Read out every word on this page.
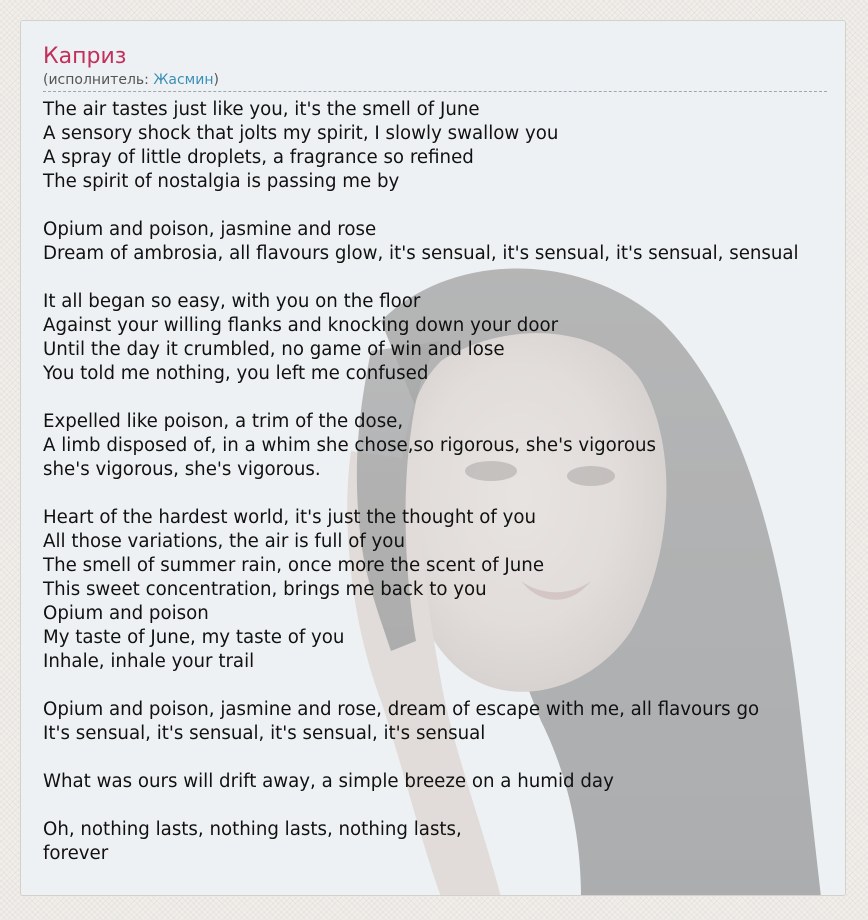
Каприз
(исполнитель: Жасмин)
The air tastes just like you, it's the smell of June
A sensory shock that jolts my spirit, I slowly swallow you
A spray of little droplets, a fragrance so refined
The spirit of nostalgia is passing me by
Opium and poison, jasmine and rose
Dream of ambrosia, all flavours glow, it's sensual, it's sensual, it's sensual, sensual
It all began so easy, with you on the floor
Against your willing flanks and knocking down your door
Until the day it crumbled, no game of win and lose
You told me nothing, you left me confused
Expelled like poison, a trim of the dose,
A limb disposed of, in a whim she chose,so rigorous, she's vigorous
she's vigorous, she's vigorous.
Heart of the hardest world, it's just the thought of you
All those variations, the air is full of you
The smell of summer rain, once more the scent of June
This sweet concentration, brings me back to you
Opium and poison
My taste of June, my taste of you
Inhale, inhale your trail
Opium and poison, jasmine and rose, dream of escape with me, all flavours go
It's sensual, it's sensual, it's sensual, it's sensual
What was ours will drift away, a simple breeze on a humid day
Oh, nothing lasts, nothing lasts, nothing lasts,
forever
